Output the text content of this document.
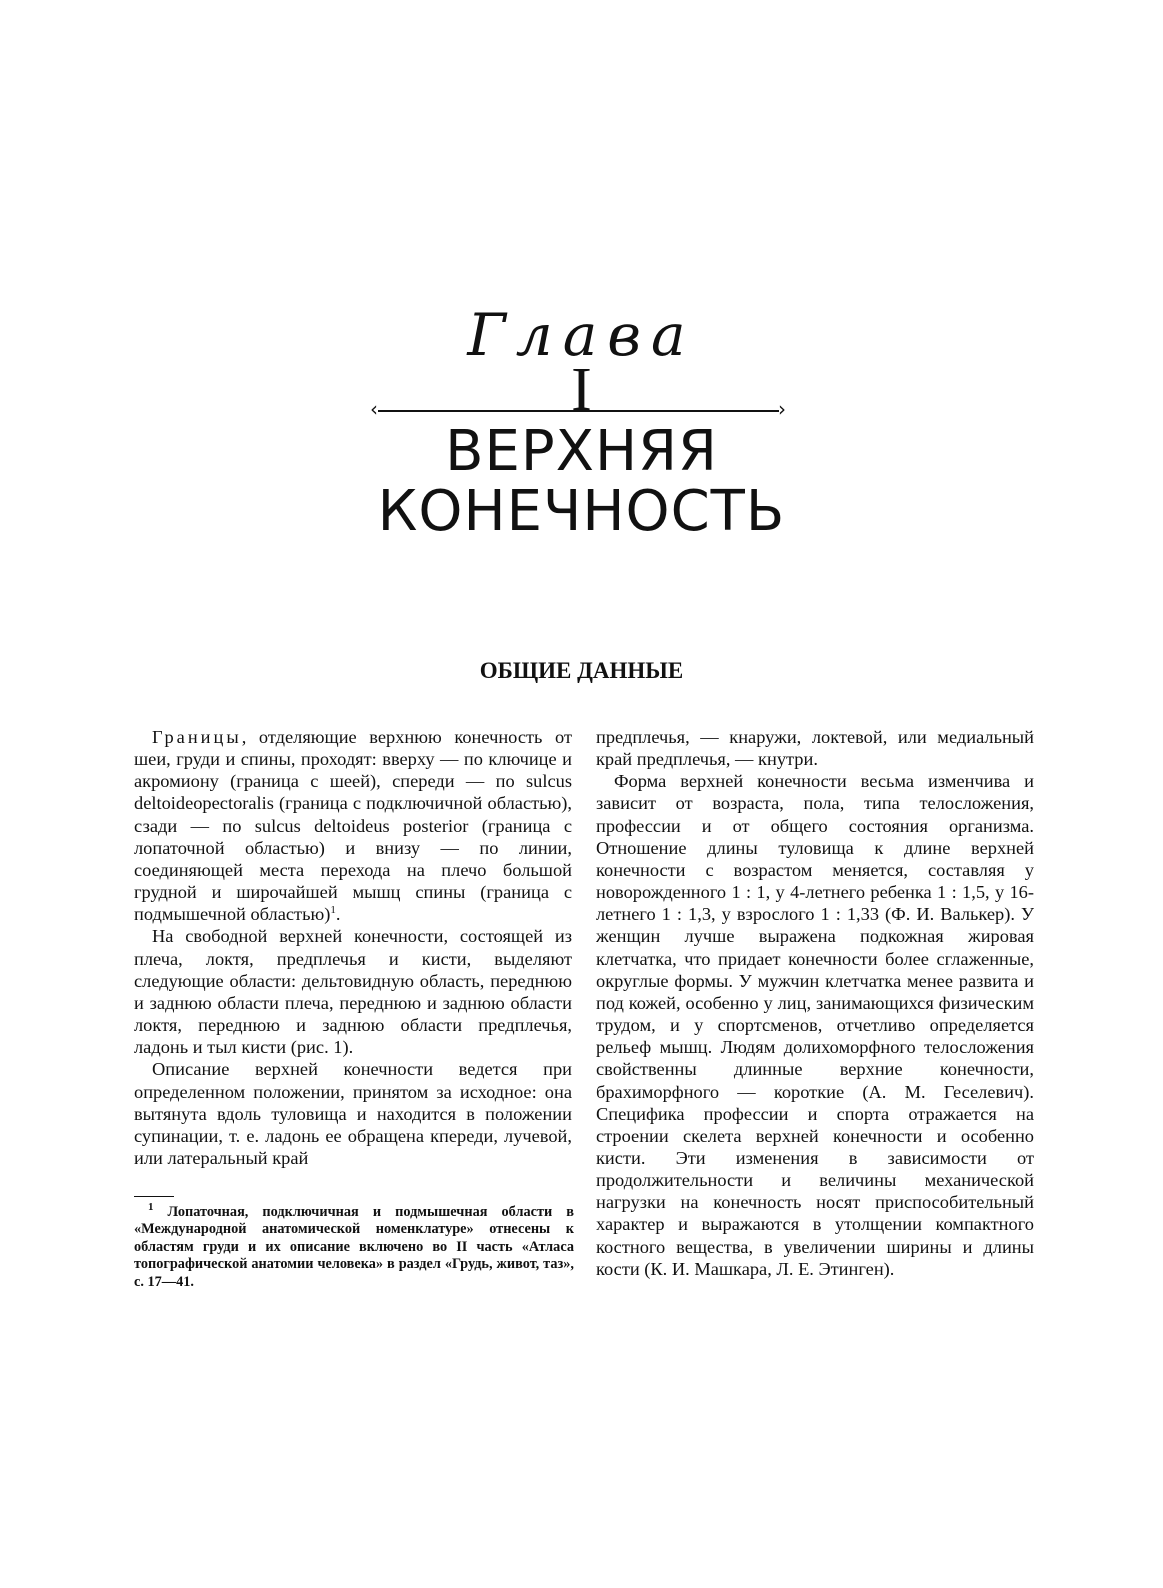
Глава
I
‹	›
ВЕРХНЯЯ
КОНЕЧНОСТЬ
ОБЩИЕ ДАННЫЕ

Границы, отделяющие верхнюю конечность от шеи, груди и спины, проходят: вверху — по ключице и акромиону (граница с шеей), спереди — по sulcus deltoideopectoralis (граница с подключичной областью), сзади — по sulcus deltoideus posterior (граница с лопаточной областью) и внизу — по линии, соединяющей места перехода на плечо большой грудной и широчайшей мышц спины (граница с подмышечной областью)$^1$.

На свободной верхней конечности, состоящей из плеча, локтя, предплечья и кисти, выделяют следующие области: дельтовидную область, переднюю и заднюю области плеча, переднюю и заднюю области локтя, переднюю и заднюю области предплечья, ладонь и тыл кисти (рис. 1).

Описание верхней конечности ведется при определенном положении, принятом за исходное: она вытянута вдоль туловища и находится в положении супинации, т. е. ладонь ее обращена кпереди, лучевой, или латеральный край

предплечья, — кнаружи, локтевой, или медиальный край предплечья, — кнутри.

Форма верхней конечности весьма изменчива и зависит от возраста, пола, типа телосложения, профессии и от общего состояния организма. Отношение длины туловища к длине верхней конечности с возрастом меняется, составляя у новорожденного 1 : 1, у 4-летнего ребенка 1 : 1,5, у 16-летнего 1 : 1,3, у взрослого 1 : 1,33 (Ф. И. Валькер). У женщин лучше выражена подкожная жировая клетчатка, что придает конечности более сглаженные, округлые формы. У мужчин клетчатка менее развита и под кожей, особенно у лиц, занимающихся физическим трудом, и у спортсменов, отчетливо определяется рельеф мышц. Людям долихоморфного телосложения свойственны длинные верхние конечности, брахиморфного — короткие (А. М. Геселевич). Специфика профессии и спорта отражается на строении скелета верхней конечности и особенно кисти. Эти изменения в зависимости от продолжительности и величины механической нагрузки на конечность носят приспособительный характер и выражаются в утолщении компактного костного вещества, в увеличении ширины и длины кости (К. И. Машкара, Л. Е. Этинген).

$^1$ Лопаточная, подключичная и подмышечная области в «Международной анатомической номенклатуре» отнесены к областям груди и их описание включено во II часть «Атласа топографической анатомии человека» в раздел «Грудь, живот, таз», с. 17—41.
